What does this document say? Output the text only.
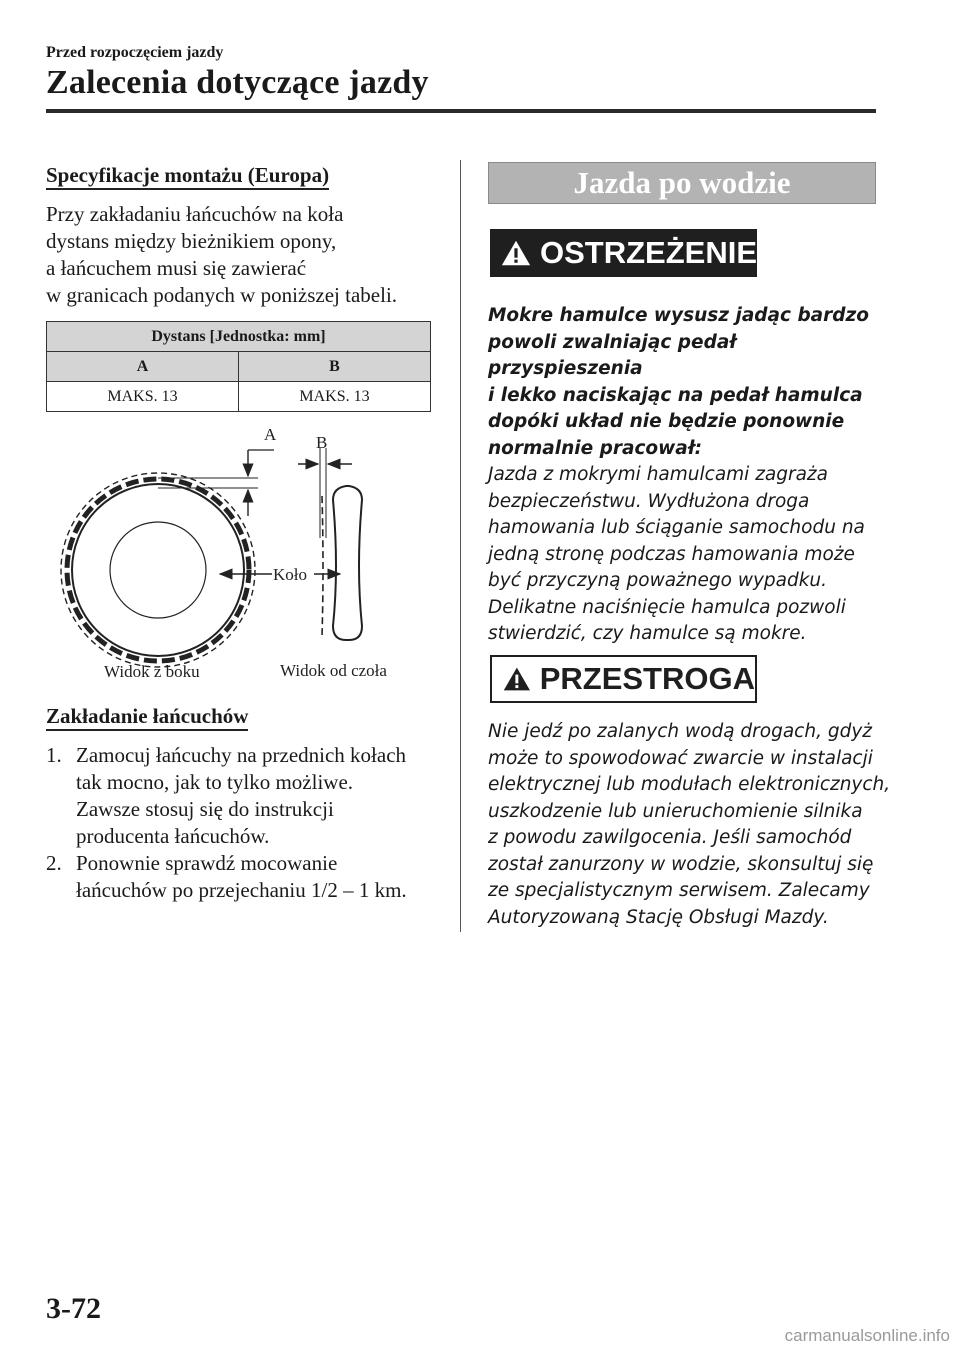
Przed rozpoczęciem jazdy
Zalecenia dotyczące jazdy
Specyfikacje montażu (Europa)
Przy zakładaniu łańcuchów na koła
dystans między bieżnikiem opony,
a łańcuchem musi się zawierać
w granicach podanych w poniższej tabeli.
Dystans [Jednostka: mm]	
A	B
MAKS. 13	MAKS. 13
A B
Koło
Widok z boku	Widok od czoła
Zakładanie łańcuchów
1. Zamocuj łańcuchy na przednich kołach
tak mocno, jak to tylko możliwe.
Zawsze stosuj się do instrukcji
producenta łańcuchów.
2. Ponownie sprawdź mocowanie
łańcuchów po przejechaniu 1/2 – 1 km.
Jazda po wodzie
OSTRZEŻENIE
Mokre hamulce wysusz jadąc bardzo
powoli zwalniając pedał przyspieszenia
i lekko naciskając na pedał hamulca
dopóki układ nie będzie ponownie
normalnie pracował:
Jazda z mokrymi hamulcami zagraża
bezpieczeństwu. Wydłużona droga
hamowania lub ściąganie samochodu na
jedną stronę podczas hamowania może
być przyczyną poważnego wypadku.
Delikatne naciśnięcie hamulca pozwoli
stwierdzić, czy hamulce są mokre.
PRZESTROGA
Nie jedź po zalanych wodą drogach, gdyż
może to spowodować zwarcie w instalacji
elektrycznej lub modułach elektronicznych,
uszkodzenie lub unieruchomienie silnika
z powodu zawilgocenia. Jeśli samochód
został zanurzony w wodzie, skonsultuj się
ze specjalistycznym serwisem. Zalecamy
Autoryzowaną Stację Obsługi Mazdy.
3-72
carmanualsonline.info
